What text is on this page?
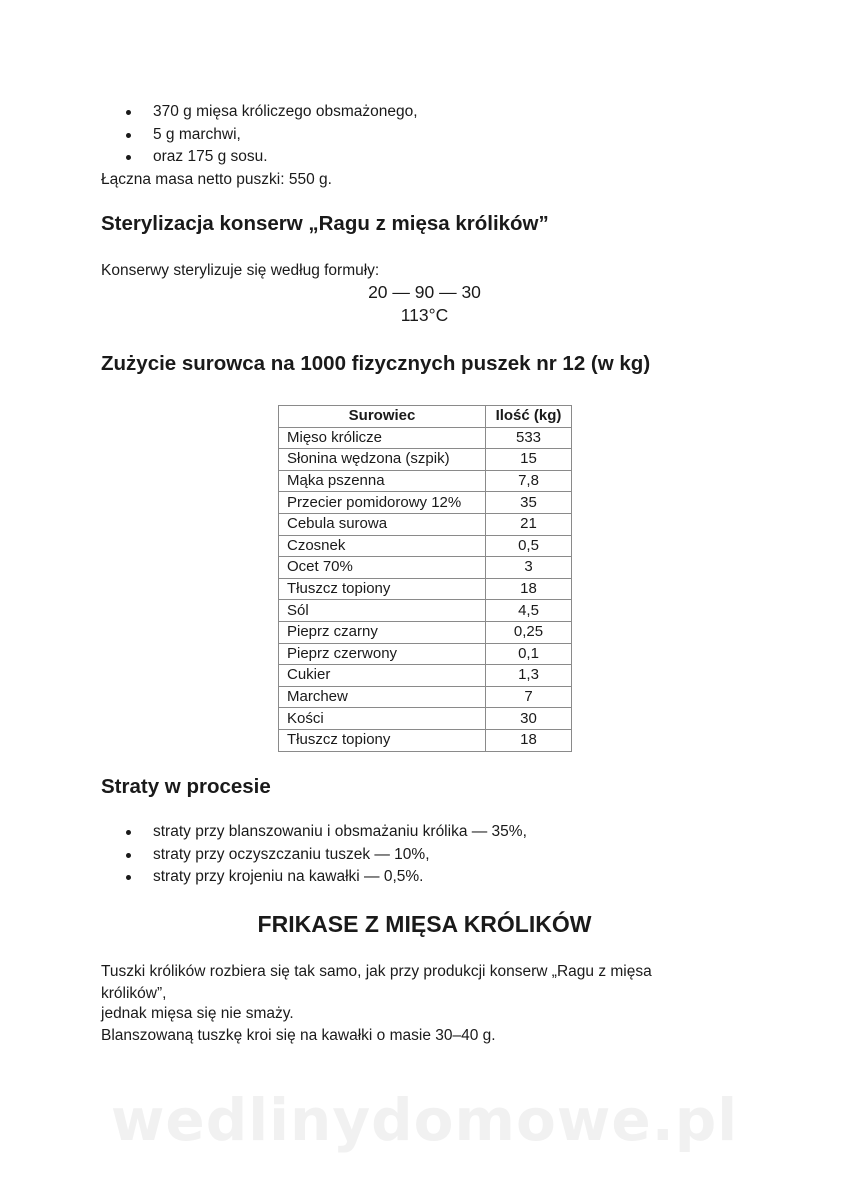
370 g mięsa króliczego obsmażonego,
5 g marchwi,
oraz 175 g sosu.
Łączna masa netto puszki: 550 g.
Sterylizacja konserw „Ragu z mięsa królików”
Konserwy sterylizuje się według formuły:
20 — 90 — 30
113°C
Zużycie surowca na 1000 fizycznych puszek nr 12 (w kg)
Surowiec	Ilość (kg)
Mięso królicze	533
Słonina wędzona (szpik)	15
Mąka pszenna	7,8
Przecier pomidorowy 12%	35
Cebula surowa	21
Czosnek	0,5
Ocet 70%	3
Tłuszcz topiony	18
Sól	4,5
Pieprz czarny	0,25
Pieprz czerwony	0,1
Cukier	1,3
Marchew	7
Kości	30
Tłuszcz topiony	18
Straty w procesie
straty przy blanszowaniu i obsmażaniu królika — 35%,
straty przy oczyszczaniu tuszek — 10%,
straty przy krojeniu na kawałki — 0,5%.
FRIKASE Z MIĘSA KRÓLIKÓW
Tuszki królików rozbiera się tak samo, jak przy produkcji konserw „Ragu z mięsa
królików”,
jednak mięsa się nie smaży.
Blanszowaną tuszkę kroi się na kawałki o masie 30–40 g.
wedlinydomowe.pl
